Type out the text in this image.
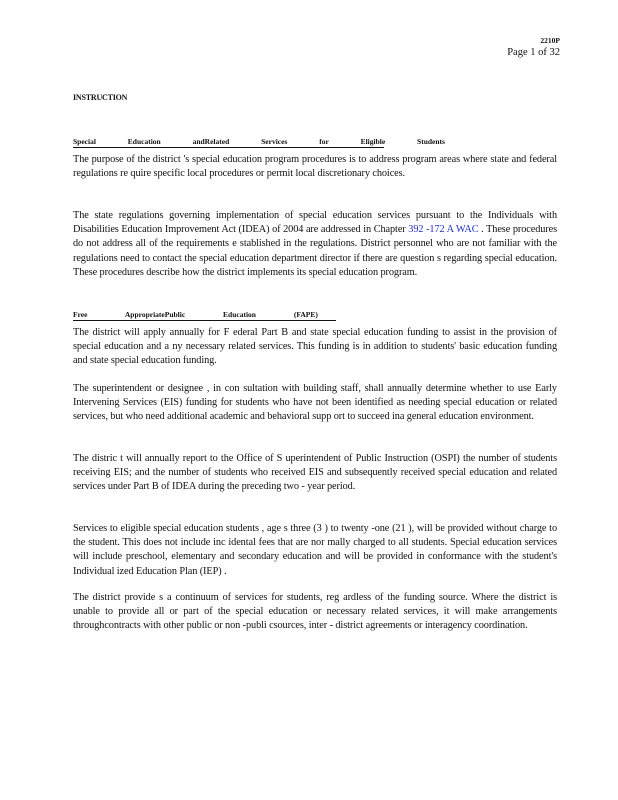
2210P
Page 1 of 32
INSTRUCTION
Special Education andRelated Services for Eligible Students

The purpose of the district 's special education program procedures is to address program areas where state and federal regulations re quire specific local procedures or permit local discretionary choices.

The state regulations governing implementation of special education services pursuant to the Individuals with Disabilities Education Improvement Act (IDEA) of 2004 are addressed in Chapter 392 -172 A WAC . These procedures do not address all of the requirements e stablished in the regulations. District personnel who are not familiar with the regulations need to contact the special education department director if there are question s regarding special education. These procedures describe how the district implements its special education program.

Free AppropriatePublic Education (FAPE)

The district will apply annually for F ederal Part B and state special education funding to assist in the provision of special education and a ny necessary related services. This funding is in addition to students' basic education funding and state special education funding.

The superintendent or designee , in con sultation with building staff, shall annually determine whether to use Early Intervening Services (EIS) funding for students who have not been identified as needing special education or related services, but who need additional academic and behavioral supp ort to succeed ina general education environment.

The distric t will annually report to the Office of S uperintendent of Public Instruction (OSPI) the number of students receiving EIS; and the number of students who received EIS and subsequently received special education and related services under Part B of IDEA during the preceding two - year period.

Services to eligible special education students , age s three (3 ) to twenty -one (21 ), will be provided without charge to the student. This does not include inc idental fees that are nor mally charged to all students. Special education services will include preschool, elementary and secondary education and will be provided in conformance with the student's Individual ized Education Plan (IEP) .

The district provide s a continuum of services for students, reg ardless of the funding source. Where the district is unable to provide all or part of the special education or necessary related services, it will make arrangements throughcontracts with other public or non -publi csources, inter - district agreements or interagency coordination.
